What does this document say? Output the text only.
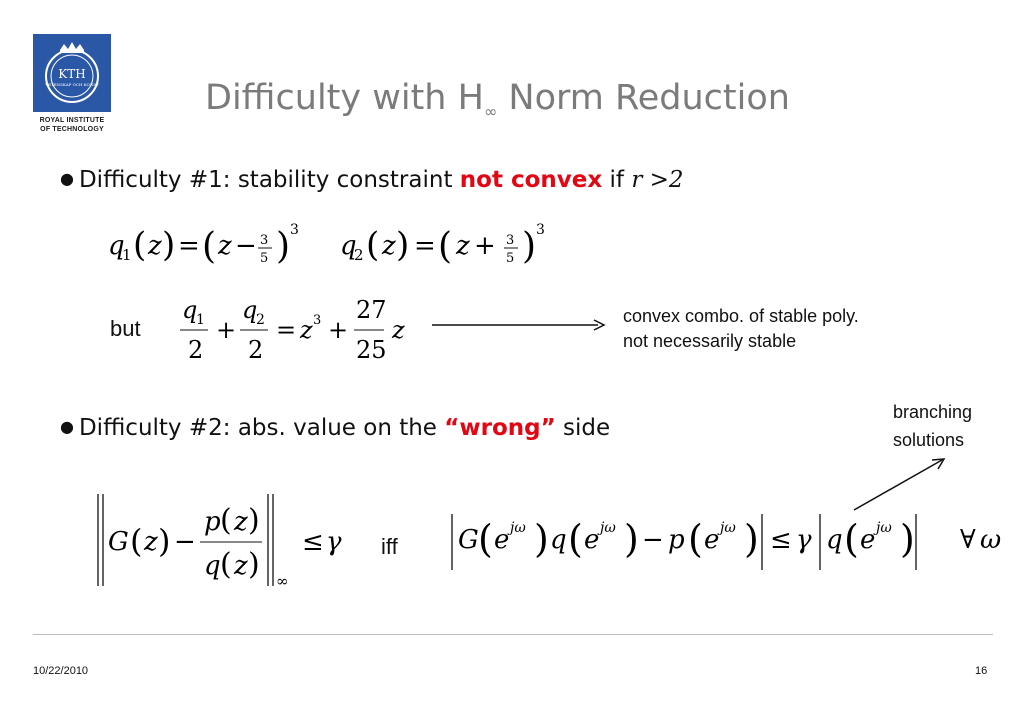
KTH
VETENSKAP OCH KONST
ROYAL INSTITUTE
OF TECHNOLOGY
Difficulty with $H_\infty$ Norm Reduction
● Difficulty #1: stability constraint not convex if r >2
q
1 ( z ) = ( z − 3
5 ) 3
q
2 ( z ) = ( z + 3
5 ) 3
but
q
1
2
+
q
2
2
= z 3 +
27
25
z	convex combo. of stable poly.
not necessarily stable
branching
solutions
● Difficulty #2: abs. value on the “wrong” side
G ( z ) −
p ( z )
q ( z ) ∞
≤ γ iff G ( e jω ) q ( e jω ) − p ( e jω ) ≤ γ q ( e jω ) ∀ ω
10/22/2010	16
